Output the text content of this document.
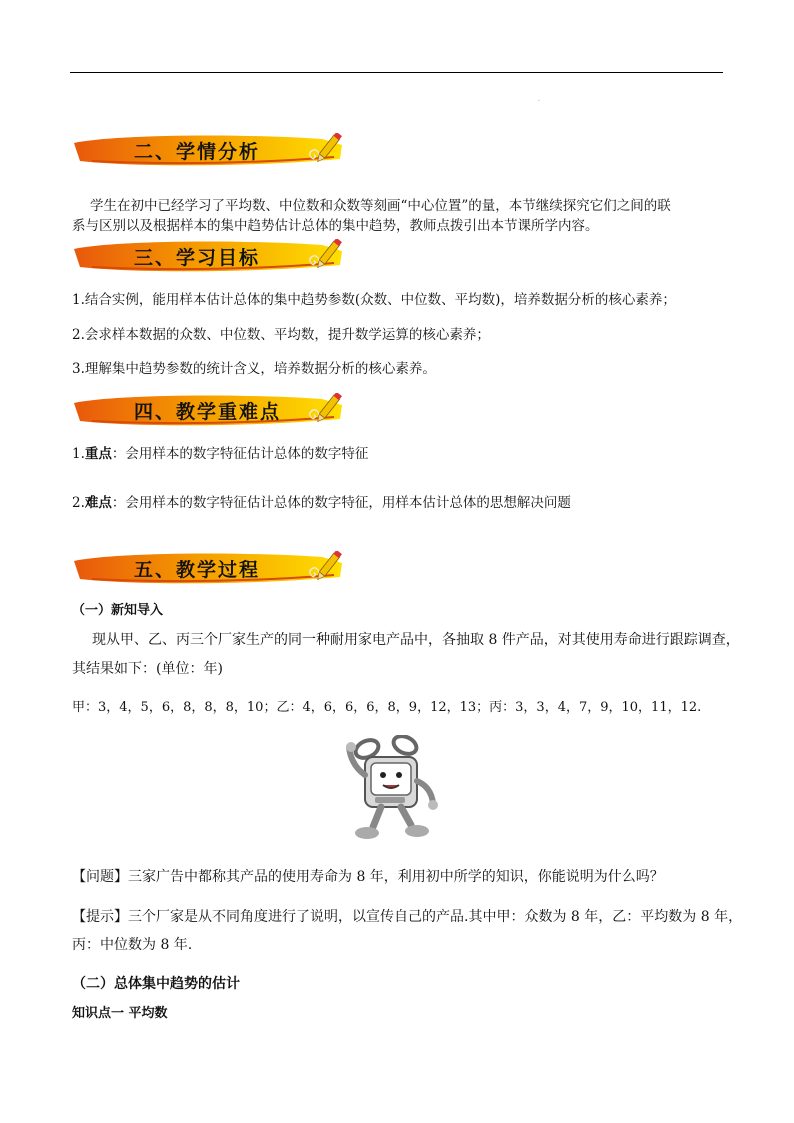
.
二、学情分析
学生在初中已经学习了平均数、中位数和众数等刻画“中心位置”的量，本节继续探究它们之间的联
系与区别以及根据样本的集中趋势估计总体的集中趋势，教师点拨引出本节课所学内容。
三、学习目标
1.结合实例，能用样本估计总体的集中趋势参数(众数、中位数、平均数)，培养数据分析的核心素养；
2.会求样本数据的众数、中位数、平均数，提升数学运算的核心素养；
3.理解集中趋势参数的统计含义，培养数据分析的核心素养。
四、教学重难点
1.重点：会用样本的数字特征估计总体的数字特征
2.难点：会用样本的数字特征估计总体的数字特征，用样本估计总体的思想解决问题
五、教学过程
（一）新知导入
现从甲、乙、丙三个厂家生产的同一种耐用家电产品中，各抽取 8 件产品，对其使用寿命进行跟踪调查，
其结果如下：(单位：年)
甲：3，4，5，6，8，8，8，10；乙：4，6，6，6，8，9，12，13；丙：3，3，4，7，9，10，11，12.
【问题】三家广告中都称其产品的使用寿命为 8 年，利用初中所学的知识，你能说明为什么吗？
【提示】三个厂家是从不同角度进行了说明，以宣传自己的产品.其中甲：众数为 8 年，乙：平均数为 8 年，
丙：中位数为 8 年.
（二）总体集中趋势的估计
知识点一 平均数
